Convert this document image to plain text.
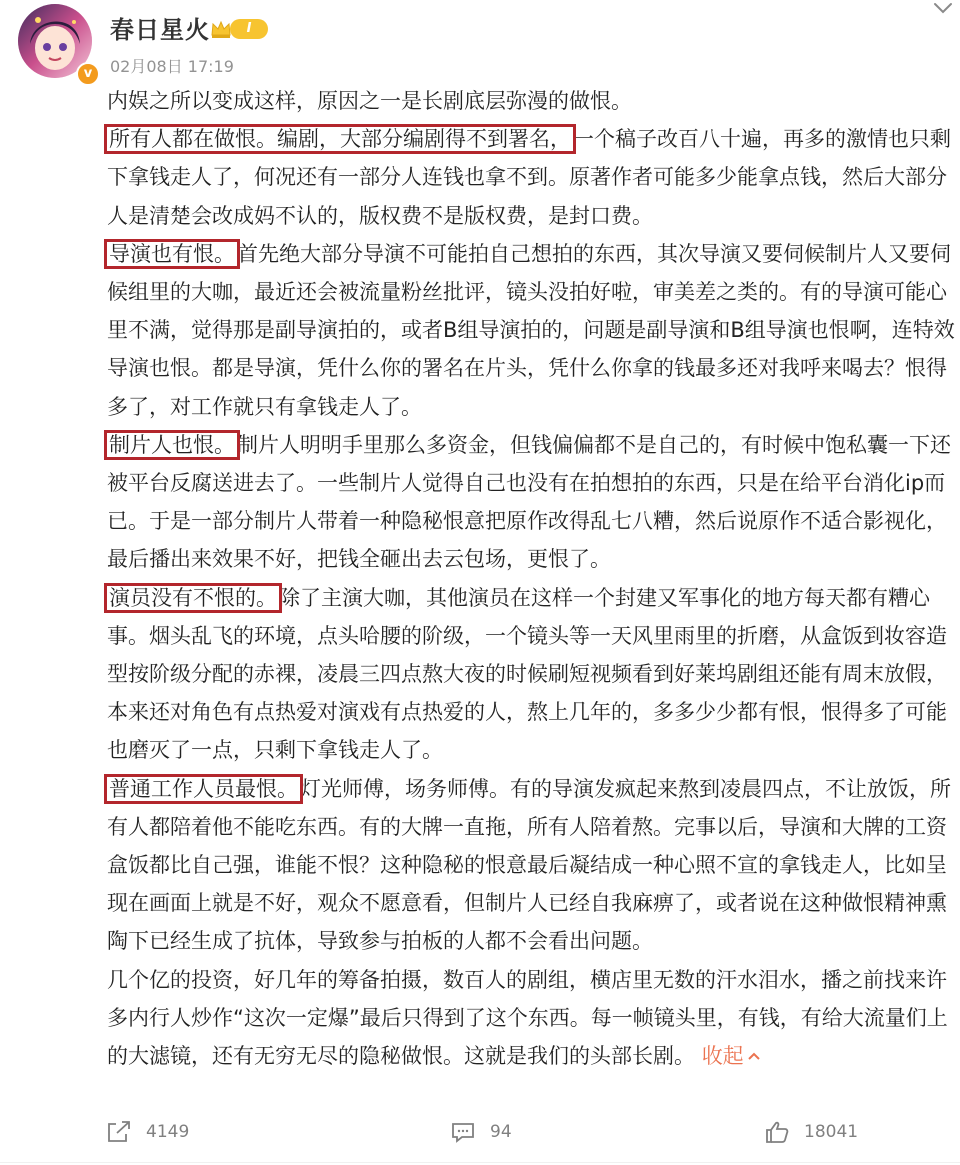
v
春日星火	I
02月08日 17:19

内娱之所以变成这样，原因之一是长剧底层弥漫的做恨。

所有人都在做恨。编剧，大部分编剧得不到署名，一个稿子改百八十遍，再多的激情也只剩下拿钱走人了，何况还有一部分人连钱也拿不到。原著作者可能多少能拿点钱，然后大部分人是清楚会改成妈不认的，版权费不是版权费，是封口费。

导演也有恨。首先绝大部分导演不可能拍自己想拍的东西，其次导演又要伺候制片人又要伺候组里的大咖，最近还会被流量粉丝批评，镜头没拍好啦，审美差之类的。有的导演可能心里不满，觉得那是副导演拍的，或者B组导演拍的，问题是副导演和B组导演也恨啊，连特效导演也恨。都是导演，凭什么你的署名在片头，凭什么你拿的钱最多还对我呼来喝去？恨得多了，对工作就只有拿钱走人了。

制片人也恨。制片人明明手里那么多资金，但钱偏偏都不是自己的，有时候中饱私囊一下还被平台反腐送进去了。一些制片人觉得自己也没有在拍想拍的东西，只是在给平台消化ip而已。于是一部分制片人带着一种隐秘恨意把原作改得乱七八糟，然后说原作不适合影视化，最后播出来效果不好，把钱全砸出去云包场，更恨了。

演员没有不恨的。除了主演大咖，其他演员在这样一个封建又军事化的地方每天都有糟心事。烟头乱飞的环境，点头哈腰的阶级，一个镜头等一天风里雨里的折磨，从盒饭到妆容造型按阶级分配的赤裸，凌晨三四点熬大夜的时候刷短视频看到好莱坞剧组还能有周末放假，本来还对角色有点热爱对演戏有点热爱的人，熬上几年的，多多少少都有恨，恨得多了可能也磨灭了一点，只剩下拿钱走人了。

普通工作人员最恨。灯光师傅，场务师傅。有的导演发疯起来熬到凌晨四点，不让放饭，所有人都陪着他不能吃东西。有的大牌一直拖，所有人陪着熬。完事以后，导演和大牌的工资盒饭都比自己强，谁能不恨？这种隐秘的恨意最后凝结成一种心照不宣的拿钱走人，比如呈现在画面上就是不好，观众不愿意看，但制片人已经自我麻痹了，或者说在这种做恨精神熏陶下已经生成了抗体，导致参与拍板的人都不会看出问题。

几个亿的投资，好几年的筹备拍摄，数百人的剧组，横店里无数的汗水泪水，播之前找来许多内行人炒作“这次一定爆”最后只得到了这个东西。每一帧镜头里，有钱，有给大流量们上的大滤镜，还有无穷无尽的隐秘做恨。这就是我们的头部长剧。 收起

4149	94	18041
